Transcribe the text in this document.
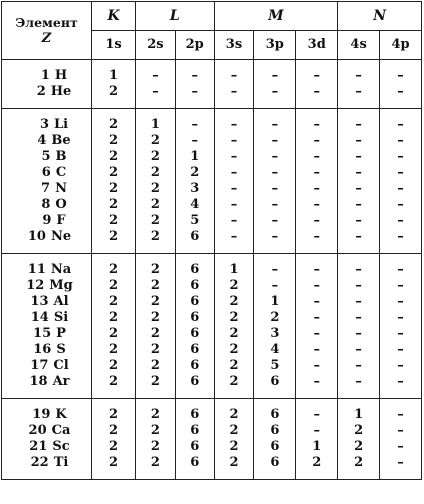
Элемент
Z	K	L		M			N	
	1s	2s	2p	3s	3p	3d	4s	4p

1 H	1	–	–	–	–	–	–	–
2 He	2	–	–	–	–	–	–	–

3 Li	2	1	–	–	–	–	–	–
4 Be	2	2	–	–	–	–	–	–
5 B	2	2	1	–	–	–	–	–
6 C	2	2	2	–	–	–	–	–
7 N	2	2	3	–	–	–	–	–
8 O	2	2	4	–	–	–	–	–
9 F	2	2	5	–	–	–	–	–
10 Ne	2	2	6	–	–	–	–	–

11 Na	2	2	6	1	–	–	–	–
12 Mg	2	2	6	2	–	–	–	–
13 Al	2	2	6	2	1	–	–	–
14 Si	2	2	6	2	2	–	–	–
15 P	2	2	6	2	3	–	–	–
16 S	2	2	6	2	4	–	–	–
17 Cl	2	2	6	2	5	–	–	–
18 Ar	2	2	6	2	6	–	–	–

19 K	2	2	6	2	6	–	1	–
20 Ca	2	2	6	2	6	–	2	–
21 Sc	2	2	6	2	6	1	2	–
22 Ti	2	2	6	2	6	2	2	–
